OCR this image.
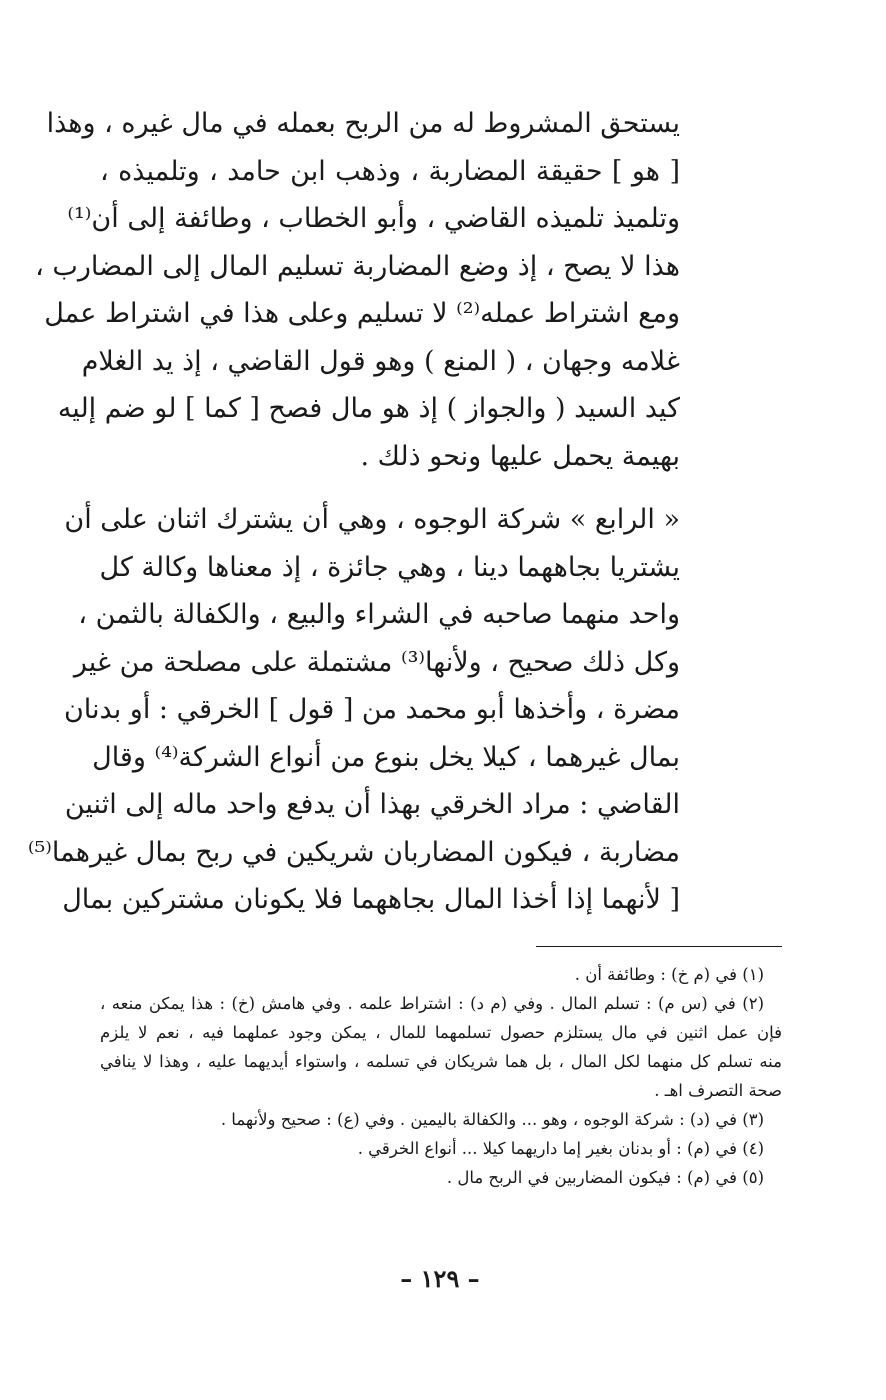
يستحق المشروط له من الربح بعمله في مال غيره ، وهذا
[ هو ] حقيقة المضاربة ، وذهب ابن حامد ، وتلميذه ،
وتلميذ تلميذه القاضي ، وأبو الخطاب ، وطائفة إلى أن⁽¹⁾
هذا لا يصح ، إذ وضع المضاربة تسليم المال إلى المضارب ،
ومع اشتراط عمله⁽²⁾ لا تسليم وعلى هذا في اشتراط عمل
غلامه وجهان ، ( المنع ) وهو قول القاضي ، إذ يد الغلام
كيد السيد ( والجواز ) إذ هو مال فصح [ كما ] لو ضم إليه
بهيمة يحمل عليها ونحو ذلك .

« الرابع » شركة الوجوه ، وهي أن يشترك اثنان على أن
يشتريا بجاههما دينا ، وهي جائزة ، إذ معناها وكالة كل
واحد منهما صاحبه في الشراء والبيع ، والكفالة بالثمن ،
وكل ذلك صحيح ، ولأنها⁽³⁾ مشتملة على مصلحة من غير
مضرة ، وأخذها أبو محمد من [ قول ] الخرقي : أو بدنان
بمال غيرهما ، كيلا يخل بنوع من أنواع الشركة⁽⁴⁾ وقال
القاضي : مراد الخرقي بهذا أن يدفع واحد ماله إلى اثنين
مضاربة ، فيكون المضاربان شريكين في ربح بمال غيرهما⁽⁵⁾
[ لأنهما إذا أخذا المال بجاههما فلا يكونان مشتركين بمال

(١) في (م خ) : وطائفة أن .

(٢) في (س م) : تسلم المال . وفي (م د) : اشتراط علمه . وفي هامش (خ) : هذا يمكن منعه ،
فإن عمل اثنين في مال يستلزم حصول تسلمهما للمال ، يمكن وجود عملهما فيه ، نعم لا يلزم
منه تسلم كل منهما لكل المال ، بل هما شريكان في تسلمه ، واستواء أيديهما عليه ، وهذا لا ينافي
صحة التصرف اهـ .

(٣) في (د) : شركة الوجوه ، وهو ... والكفالة باليمين . وفي (ع) : صحيح ولأنهما .

(٤) في (م) : أو بدنان بغير إما داريهما كيلا ... أنواع الخرقي .

(٥) في (م) : فيكون المضاربين في الربح مال .

– ١٢٩ –
